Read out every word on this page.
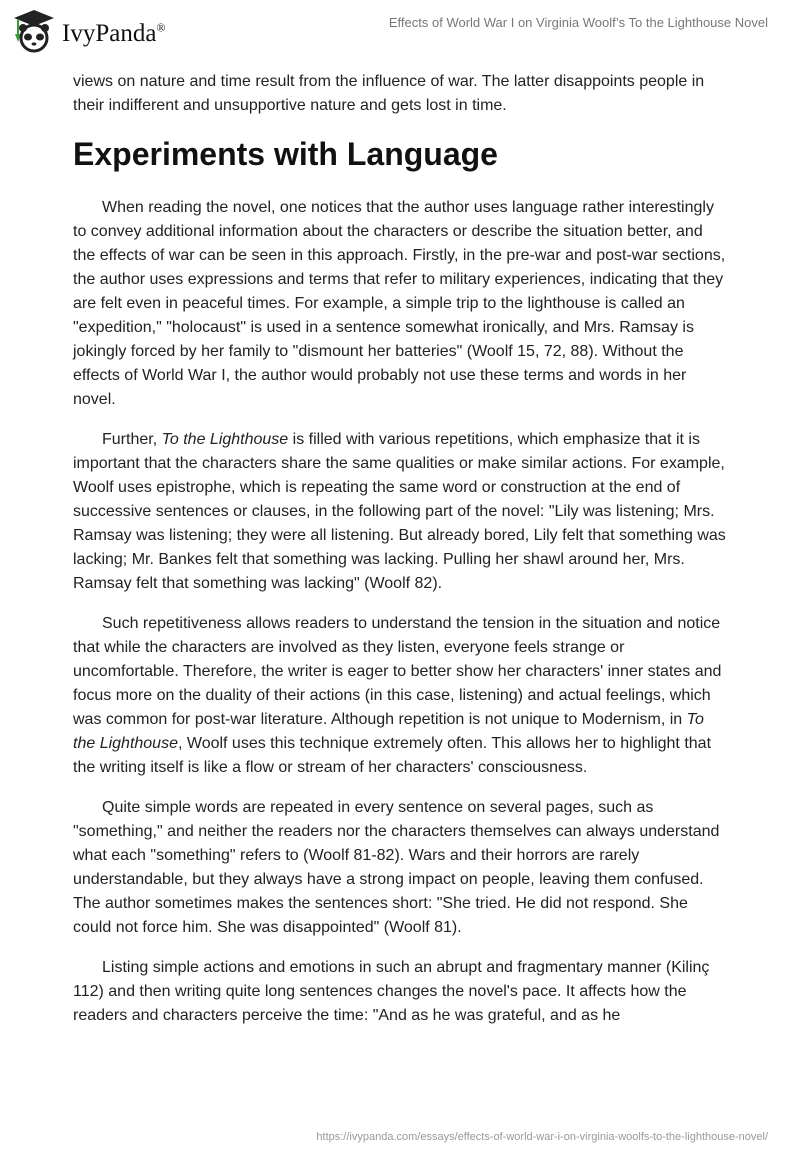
IvyPanda®	Effects of World War I on Virginia Woolf’s To the Lighthouse Novel

views on nature and time result from the influence of war. The latter disappoints people in their indifferent and unsupportive nature and gets lost in time.

Experiments with Language

When reading the novel, one notices that the author uses language rather interestingly to convey additional information about the characters or describe the situation better, and the effects of war can be seen in this approach. Firstly, in the pre-war and post-war sections, the author uses expressions and terms that refer to military experiences, indicating that they are felt even in peaceful times. For example, a simple trip to the lighthouse is called an "expedition," "holocaust" is used in a sentence somewhat ironically, and Mrs. Ramsay is jokingly forced by her family to "dismount her batteries" (Woolf 15, 72, 88). Without the effects of World War I, the author would probably not use these terms and words in her novel.

Further, To the Lighthouse is filled with various repetitions, which emphasize that it is important that the characters share the same qualities or make similar actions. For example, Woolf uses epistrophe, which is repeating the same word or construction at the end of successive sentences or clauses, in the following part of the novel: "Lily was listening; Mrs. Ramsay was listening; they were all listening. But already bored, Lily felt that something was lacking; Mr. Bankes felt that something was lacking. Pulling her shawl around her, Mrs. Ramsay felt that something was lacking" (Woolf 82).

Such repetitiveness allows readers to understand the tension in the situation and notice that while the characters are involved as they listen, everyone feels strange or uncomfortable. Therefore, the writer is eager to better show her characters' inner states and focus more on the duality of their actions (in this case, listening) and actual feelings, which was common for post-war literature. Although repetition is not unique to Modernism, in To the Lighthouse, Woolf uses this technique extremely often. This allows her to highlight that the writing itself is like a flow or stream of her characters' consciousness.

Quite simple words are repeated in every sentence on several pages, such as "something," and neither the readers nor the characters themselves can always understand what each "something" refers to (Woolf 81-82). Wars and their horrors are rarely understandable, but they always have a strong impact on people, leaving them confused. The author sometimes makes the sentences short: "She tried. He did not respond. She could not force him. She was disappointed" (Woolf 81).

Listing simple actions and emotions in such an abrupt and fragmentary manner (Kilinç 112) and then writing quite long sentences changes the novel's pace. It affects how the readers and characters perceive the time: "And as he was grateful, and as he

https://ivypanda.com/essays/effects-of-world-war-i-on-virginia-woolfs-to-the-lighthouse-novel/
